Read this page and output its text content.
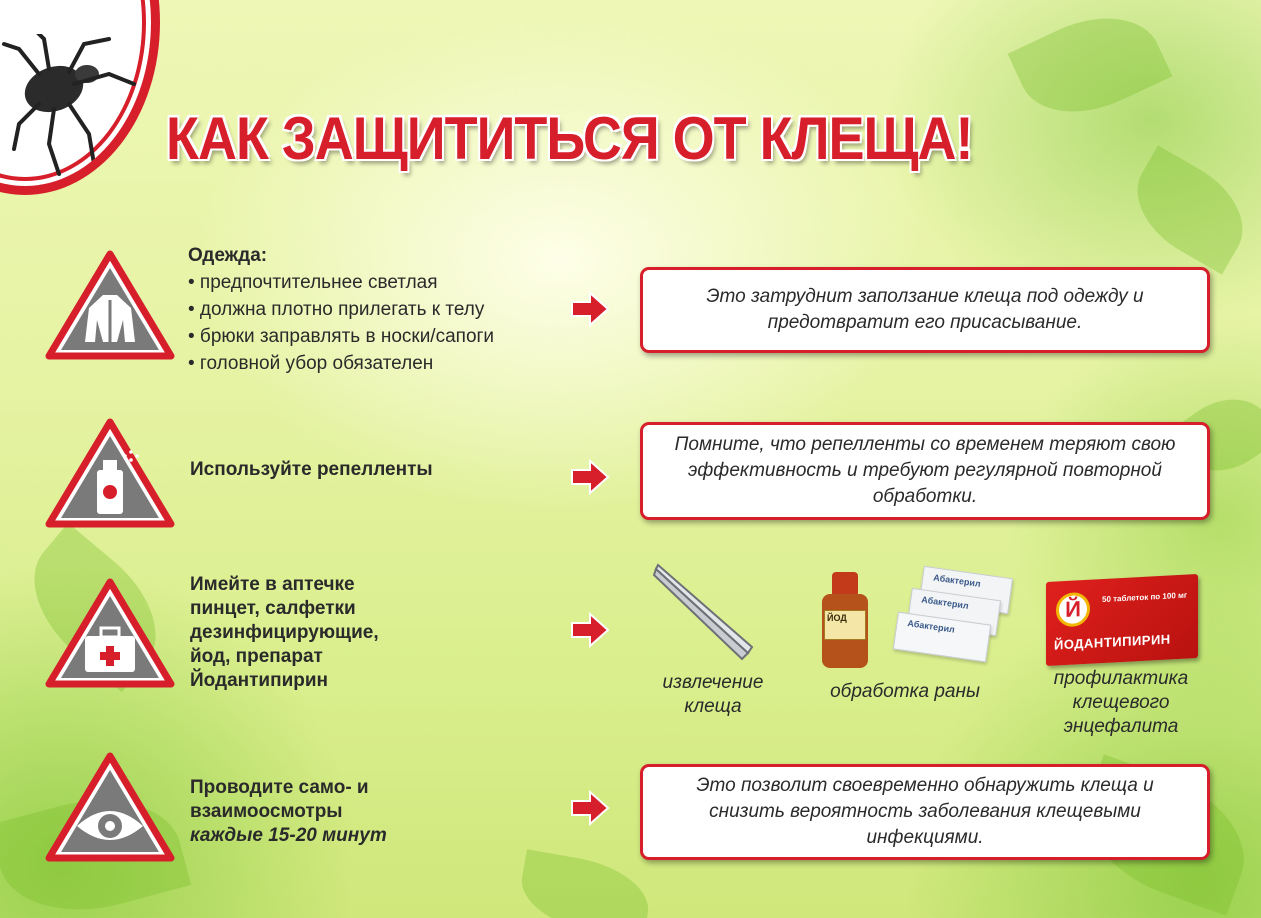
КАК ЗАЩИТИТЬСЯ ОТ КЛЕЩА!
Одежда:
• предпочтительнее светлая
• должна плотно прилегать к телу
• брюки заправлять в носки/сапоги
• головной убор обязателен
Это затруднит заползание клеща под одежду и предотвратит его присасывание.
Используйте репелленты
Помните, что репелленты со временем теряют свою эффективность и требуют регулярной повторной обработки.
Имейте в аптечке
пинцет, салфетки
дезинфицирующие,
йод, препарат
Йодантипирин	извлечение
клеща
ЙОД
Абактерил
Абактерил
Абактерил
обработка раны
Й	50 таблеток по 100 мг
ЙОДАНТИПИРИН
профилактика
клещевого
энцефалита
Проводите само- и
взаимоосмотры
каждые 15-20 минут
Это позволит своевременно обнаружить клеща и снизить вероятность заболевания клещевыми инфекциями.
